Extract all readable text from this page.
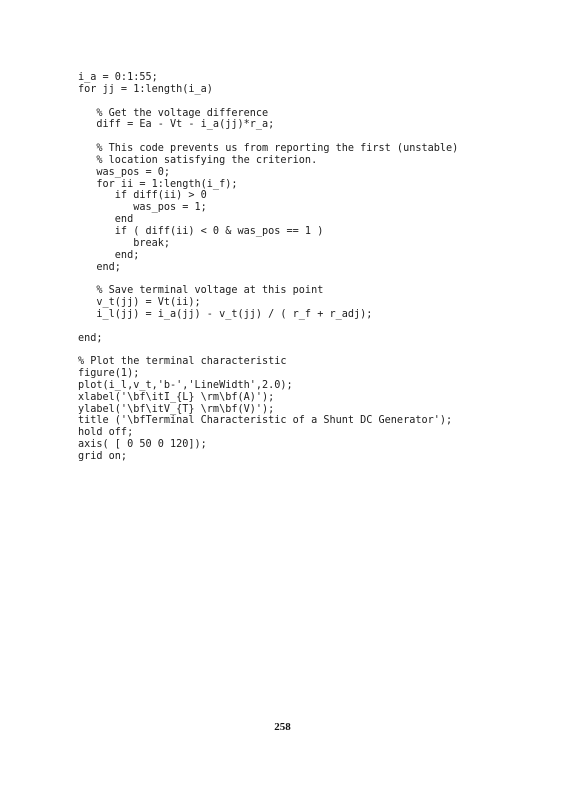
i_a = 0:1:55;
for jj = 1:length(i_a)
% Get the voltage difference
diff = Ea - Vt - i_a(jj)*r_a;
% This code prevents us from reporting the first (unstable)
% location satisfying the criterion.
was_pos = 0;
for ii = 1:length(i_f);
if diff(ii) > 0
was_pos = 1;
end
if ( diff(ii) < 0 & was_pos == 1 )
break;
end;
end;
% Save terminal voltage at this point
v_t(jj) = Vt(ii);
i_l(jj) = i_a(jj) - v_t(jj) / ( r_f + r_adj);
end;
% Plot the terminal characteristic
figure(1);
plot(i_l,v_t,'b-','LineWidth',2.0);
xlabel('\bf\itI_{L} \rm\bf(A)');
ylabel('\bf\itV_{T} \rm\bf(V)');
title ('\bfTerminal Characteristic of a Shunt DC Generator');
hold off;
axis( [ 0 50 0 120]);
grid on;
258
